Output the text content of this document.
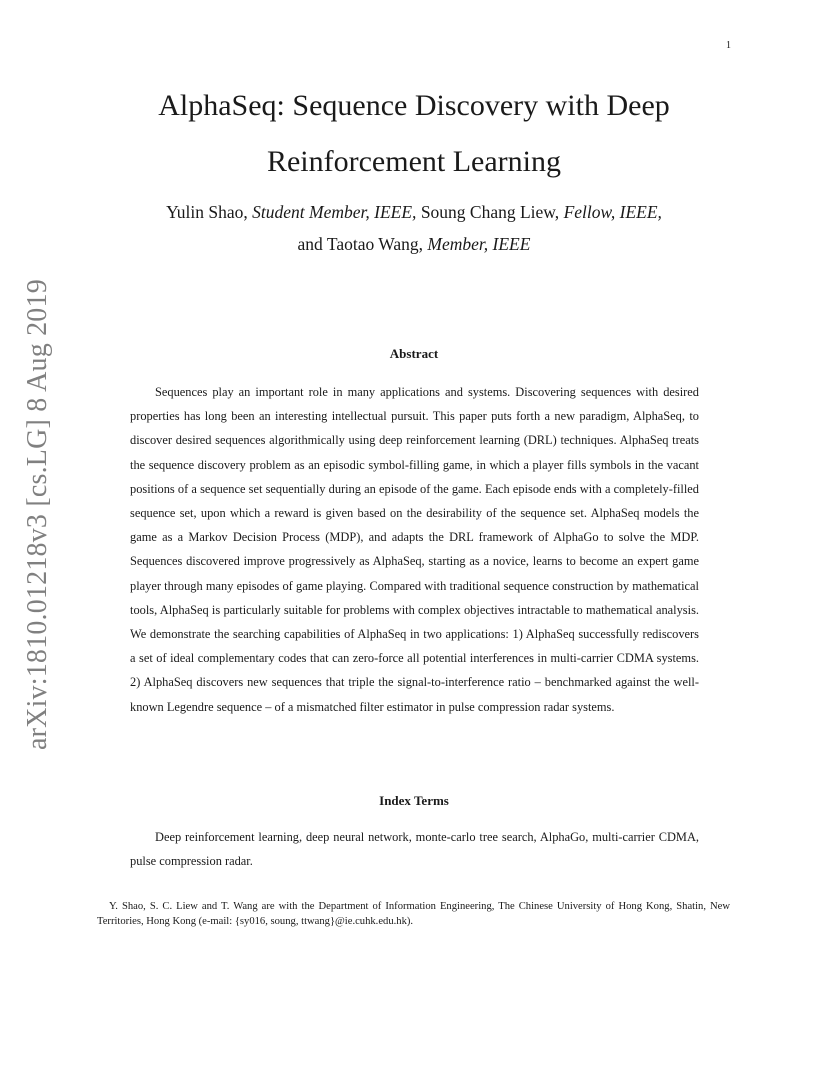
1
arXiv:1810.01218v3 [cs.LG] 8 Aug 2019
AlphaSeq: Sequence Discovery with Deep
Reinforcement Learning
Yulin Shao, Student Member, IEEE, Soung Chang Liew, Fellow, IEEE,
and Taotao Wang, Member, IEEE
Abstract

Sequences play an important role in many applications and systems. Discovering sequences with desired properties has long been an interesting intellectual pursuit. This paper puts forth a new paradigm, AlphaSeq, to discover desired sequences algorithmically using deep reinforcement learning (DRL) techniques. AlphaSeq treats the sequence discovery problem as an episodic symbol-filling game, in which a player fills symbols in the vacant positions of a sequence set sequentially during an episode of the game. Each episode ends with a completely-filled sequence set, upon which a reward is given based on the desirability of the sequence set. AlphaSeq models the game as a Markov Decision Process (MDP), and adapts the DRL framework of AlphaGo to solve the MDP. Sequences discovered improve progressively as AlphaSeq, starting as a novice, learns to become an expert game player through many episodes of game playing. Compared with traditional sequence construction by mathematical tools, AlphaSeq is particularly suitable for problems with complex objectives intractable to mathematical analysis. We demonstrate the searching capabilities of AlphaSeq in two applications: 1) AlphaSeq successfully rediscovers a set of ideal complementary codes that can zero-force all potential interferences in multi-carrier CDMA systems. 2) AlphaSeq discovers new sequences that triple the signal-to-interference ratio – benchmarked against the well-known Legendre sequence – of a mismatched filter estimator in pulse compression radar systems.

Index Terms

Deep reinforcement learning, deep neural network, monte-carlo tree search, AlphaGo, multi-carrier CDMA, pulse compression radar.

Y. Shao, S. C. Liew and T. Wang are with the Department of Information Engineering, The Chinese University of Hong Kong, Shatin, New Territories, Hong Kong (e-mail: {sy016, soung, ttwang}@ie.cuhk.edu.hk).
